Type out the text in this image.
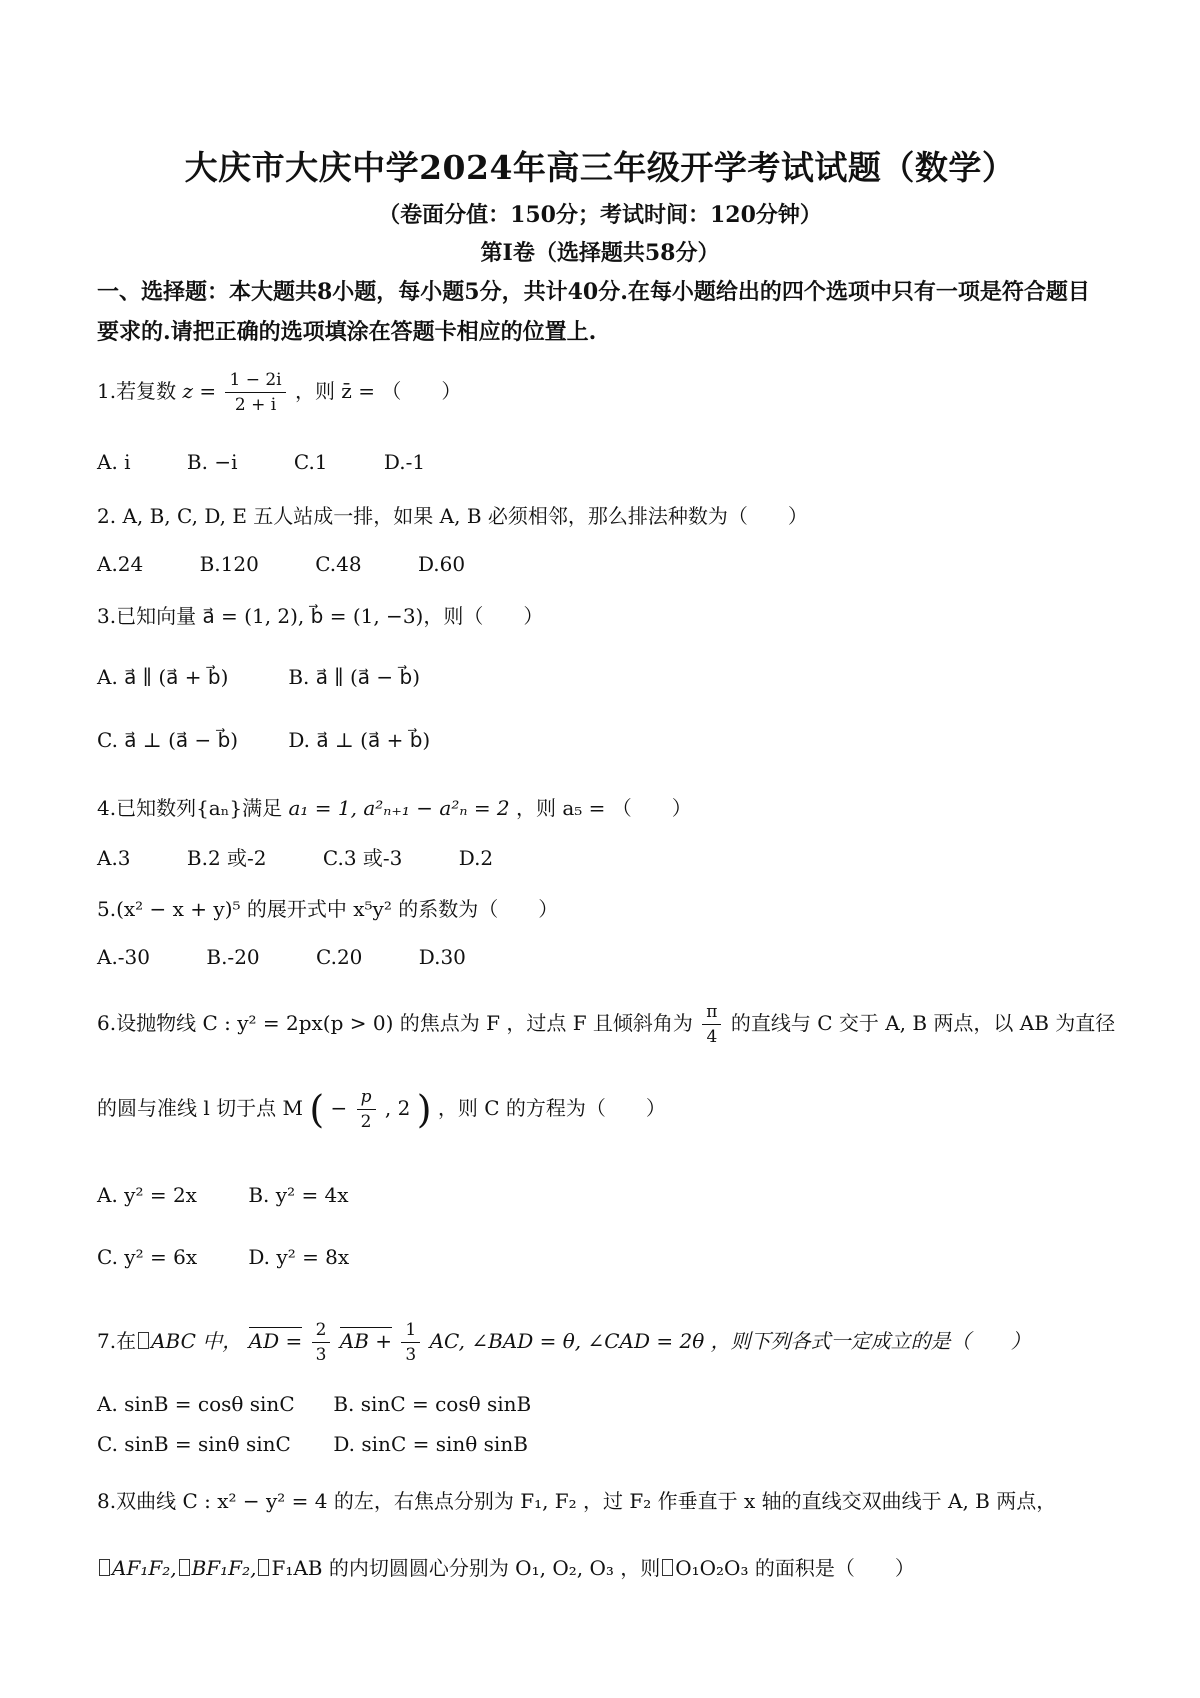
大庆市大庆中学2024年高三年级开学考试试题（数学）
（卷面分值：150分；考试时间：120分钟）
第I卷（选择题共58分）
一、选择题：本大题共8小题，每小题5分，共计40分.在每小题给出的四个选项中只有一项是符合题目要求的.请把正确的选项填涂在答题卡相应的位置上.
1.若复数 $z = \frac{1 - 2i}{2 + i}$ ，则 z̄ = （　　）
A. i	B. −i	C.1	D.-1
2. A, B, C, D, E 五人站成一排，如果 A, B 必须相邻，那么排法种数为（　　）
A.24	B.120	C.48	D.60
3.已知向量 a⃗ = (1, 2), b⃗ = (1, −3)，则（　　）
A. a⃗ ∥ (a⃗ + b⃗)	B. a⃗ ∥ (a⃗ − b⃗)
C. a⃗ ⊥ (a⃗ − b⃗)	D. a⃗ ⊥ (a⃗ + b⃗)
4.已知数列{aₙ}满足 a₁ = 1, a²ₙ₊₁ − a²ₙ = 2 ，则 a₅ = （　　）
A.3	B.2 或-2	C.3 或-3	D.2
5.(x² − x + y)⁵ 的展开式中 x⁵y² 的系数为（　　）
A.-30	B.-20	C.20	D.30
6.设抛物线 C : y² = 2px(p > 0) 的焦点为 F ，过点 F 且倾斜角为 $\frac{\pi}{4}$ 的直线与 C 交于 A, B 两点，以 AB 为直径
的圆与准线 l 切于点 M ( − $\frac{p}{2}$ , 2 ) ，则 C 的方程为（　　）
A. y² = 2x	B. y² = 4x
C. y² = 6x	D. y² = 8x
7.在 ABC 中， AD = $\frac{2}{3}$ AB + $\frac{1}{3}$ AC, ∠BAD = θ, ∠CAD = 2θ ，则下列各式一定成立的是（　　）
A. sinB = cosθ sinC B. sinC = cosθ sinB
C. sinB = sinθ sinC D. sinC = sinθ sinB
8.双曲线 C : x² − y² = 4 的左，右焦点分别为 F₁, F₂ ，过 F₂ 作垂直于 x 轴的直线交双曲线于 A, B 两点，
AF₁F₂, BF₁F₂, F₁AB 的内切圆圆心分别为 O₁, O₂, O₃ ，则 O₁O₂O₃ 的面积是（　　）
